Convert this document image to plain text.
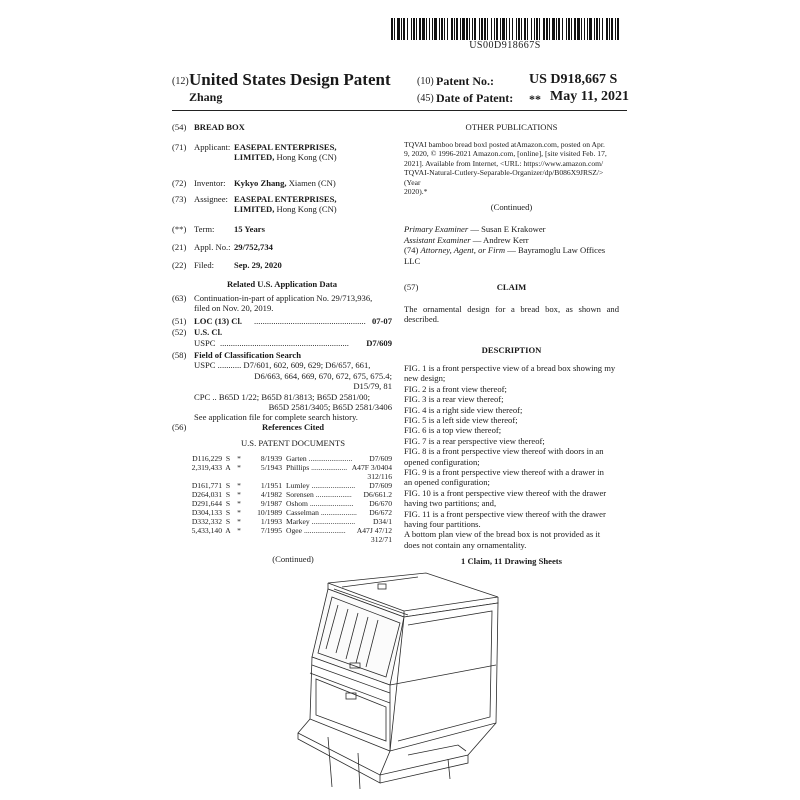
US00D918667S
(12) United States Design Patent
Zhang
(10) Patent No.:	US D918,667 S
(45) Date of Patent: ** May 11, 2021
(54) BREAD BOX
(71) Applicant: EASEPAL ENTERPRISES,
LIMITED, Hong Kong (CN)
(72) Inventor: Kykyo Zhang, Xiamen (CN)
(73) Assignee: EASEPAL ENTERPRISES,
LIMITED, Hong Kong (CN)
(**) Term: 15 Years
(21) Appl. No.: 29/752,734
(22) Filed: Sep. 29, 2020
Related U.S. Application Data
(63) Continuation-in-part of application No. 29/713,936,
filed on Nov. 20, 2019.
(51) LOC (13) Cl. .................................................... 07-07
(52) U.S. Cl.
USPC ............................................................	D7/609
(58) Field of Classification Search
USPC ........... D7/601, 602, 609, 629; D6/657, 661,
D6/663, 664, 669, 670, 672, 675, 675.4;
D15/79, 81
CPC .. B65D 1/22; B65D 81/3813; B65D 2581/00;
B65D 2581/3405; B65D 2581/3406
See application file for complete search history.
(56)	References Cited
U.S. PATENT DOCUMENTS
D116,229 S *	8/1939 Garten .......................	D7/609
2,319,433 A *	5/1943 Phillips ................... A47F 3/0404
312/116
D161,771 S *	1/1951 Lumley .......................	D7/609
D264,031 S *	4/1982 Sorensen ...................	D6/661.2
D291,644 S *	9/1987 Oshom .......................	D6/670
D304,133 S *	10/1989 Casselman ...................	D6/672
D332,332 S *	1/1993 Markey .......................	D34/1
5,433,140 A *	7/1995 Ogee ......................	A47J 47/12
312/71
(Continued)
OTHER PUBLICATIONS
TQVAI bamboo bread boxl posted atAmazon.com, posted on Apr.
9, 2020, © 1996-2021 Amazon.com, [online], [site visited Feb. 17,
2021]. Available from Internet, <URL: https://www.amazon.com/
TQVAI-Natural-Cutlery-Separable-Organizer/dp/B086X9JRSZ/> (Year
2020).*
(Continued)
Primary Examiner — Susan E Krakower
Assistant Examiner — Andrew Kerr
(74) Attorney, Agent, or Firm — Bayramoglu Law Offices
LLC
(57)	CLAIM
The ornamental design for a bread box, as shown and
described.
DESCRIPTION

FIG. 1 is a front perspective view of a bread box showing my

new design;

FIG. 2 is a front view thereof;

FIG. 3 is a rear view thereof;

FIG. 4 is a right side view thereof;

FIG. 5 is a left side view thereof;

FIG. 6 is a top view thereof;

FIG. 7 is a rear perspective view thereof;

FIG. 8 is a front perspective view thereof with doors in an

opened configuration;

FIG. 9 is a front perspective view thereof with a drawer in

an opened configuration;

FIG. 10 is a front perspective view thereof with the drawer

having two partitions; and,

FIG. 11 is a front perspective view thereof with the drawer

having four partitions.

A bottom plan view of the bread box is not provided as it

does not contain any ornamentality.

1 Claim, 11 Drawing Sheets
